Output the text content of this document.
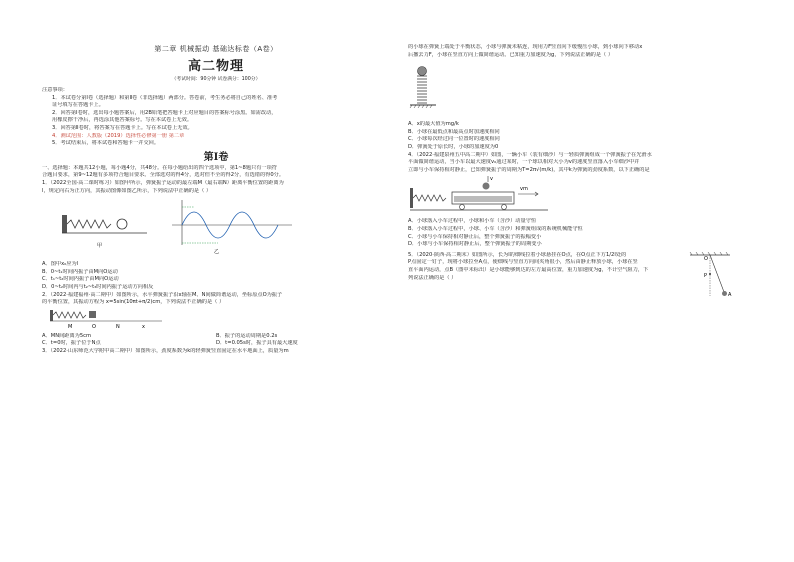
第二章 机械振动 基础达标卷（A卷）
高二物理
（考试时间：90分钟 试卷满分：100分）
注意事项：
1．本试卷分第Ⅰ卷（选择题）和第Ⅱ卷（非选择题）两部分。答卷前，考生务必将自己的姓名、准考
证号填写在答题卡上。
2．回答第Ⅰ卷时，选出每小题答案后，用2B铅笔把答题卡上对应题目的答案标号涂黑。如需改动，
用橡皮擦干净后，再选涂其他答案标号。写在本试卷上无效。
3．回答第Ⅱ卷时，将答案写在答题卡上。写在本试卷上无效。
4．测试范围：人教版（2019）选择性必修第一册 第二章
5．考试结束后，将本试卷和答题卡一并交回。
第Ⅰ卷
一、选择题：本题共12小题，每小题4分，共48分。在每小题给出的四个选项中，第1~8题只有一项符
合题目要求，第9~12题有多项符合题目要求。全部选对的得4分，选对但不全的得2分，有选错的得0分。
1．（2022全国·高二课时练习）如图甲所示，弹簧振子运动的最左端M（最右端N）距离平衡位置的距离为
l，规定向右为正方向，其振动图像如图乙所示，下列说法中正确的是（ ）
甲
乙
A．图中x₀应为l
B．0~t₁时间内振子由M向O运动
C．t₁~t₂时间内振子由M向O运动
D．0~t₂时间内与t₂~t₃时间内振子运动方向相反
2．（2022·福建福州·高二期中）如图所示，水平弹簧振子沿x轴在M、N间做简谐运动，坐标原点O为振子
的平衡位置，其振动方程为 x=5sin(10πt+π/2)cm，下列说法不正确的是（ ）
M	O	N	x
A．MN间距离为5cm	B．振子的运动周期是0.2s
C．t=0时，振子位于N点	D．t=0.05s时，振子具有最大速度
3．（2022·山东师范大学附中高二期中）如图所示，劲度系数为k的轻弹簧竖直固定在水平地面上，质量为m
的小球在弹簧上端处于平衡状态，小球与弹簧未粘连，现用力F竖直向下缓慢压小球，到小球向下移动x
后撤去力F，小球在竖直方向上做简谐运动。已知重力加速度为g，下列说法正确的是（ ）
A．x的最大值为mg/k
B．小球在最低点和最高点时加速度相同
C．小球每次经过同一位置时的速度相同
D．弹簧处于原长时，小球的加速度为0
4．（2022·福建泉州五中高二期中）如图，一辆小车（装有细沙）与一轻质弹簧组成一个弹簧振子在光滑水
平面做简谐运动，当小车以最大速度v₀通过某时，一个球以相对大小为v的速度竖直落入小车细沙中并
立即与小车保持相对静止，已知弹簧振子的周期为T=2π√(m/k)，其中k为弹簧的劲度系数，以下正确的是
v
vm
A．小球落入小车过程中，小球和小车（含沙）动量守恒
B．小球落入小车过程中，小球、小车（含沙）和弹簧组成的系统机械能守恒
C．小球与小车保持相对静止后，整个弹簧振子的振幅变小
D．小球与小车保持相对静止后，整个弹簧振子的周期变小
5．（2020·陕西·高二期末）如图所示，长为l的细线拉着小球悬挂在O点，在O点正下方1/2l处的
P点固定一钉子，现将小球拉至A点，使细线与竖直方向间夹角很小，然后由静止释放小球，小球在竖
直平面内运动，点B（图中未标出）是小球能够到达的左方最高位置，重力加速度为g，不计空气阻力，下
列说法正确的是（ ）
O
P
A
